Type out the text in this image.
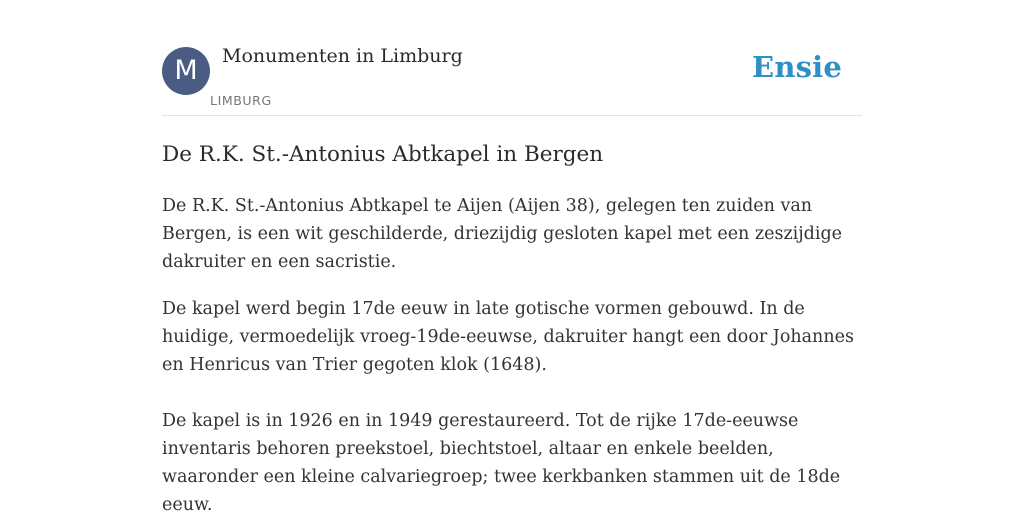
M	Monumenten in Limburg
LIMBURG
Ensie
De R.K. St.-Antonius Abtkapel in Bergen

De R.K. St.-Antonius Abtkapel te Aijen (Aijen 38), gelegen ten zuiden van Bergen, is een wit geschilderde, driezijdig gesloten kapel met een zeszijdige dakruiter en een sacristie.

De kapel werd begin 17de eeuw in late gotische vormen gebouwd. In de huidige, vermoedelijk vroeg-19de-eeuwse, dakruiter hangt een door Johannes en Henricus van Trier gegoten klok (1648).

De kapel is in 1926 en in 1949 gerestaureerd. Tot de rijke 17de-eeuwse inventaris behoren preekstoel, biechtstoel, altaar en enkele beelden, waaronder een kleine calvariegroep; twee kerkbanken stammen uit de 18de eeuw.
